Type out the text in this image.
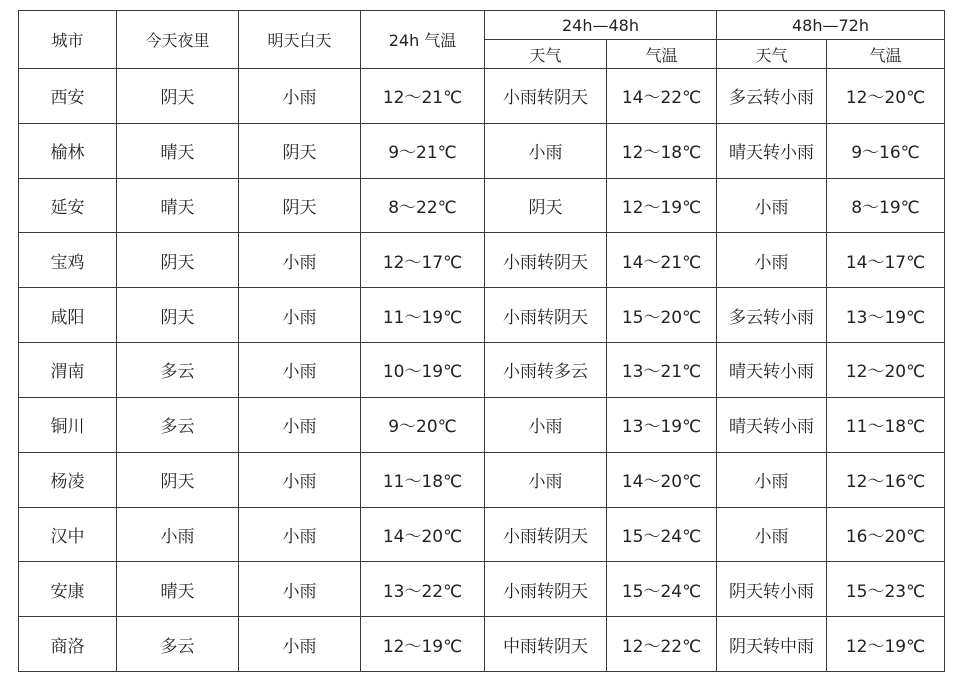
城市	今天夜里	明天白天	24h 气温	24h—48h		48h—72h	
				天气	气温	天气	气温
西安	阴天	小雨	12～21℃	小雨转阴天	14～22℃	多云转小雨	12～20℃
榆林	晴天	阴天	9～21℃	小雨	12～18℃	晴天转小雨	9～16℃
延安	晴天	阴天	8～22℃	阴天	12～19℃	小雨	8～19℃
宝鸡	阴天	小雨	12～17℃	小雨转阴天	14～21℃	小雨	14～17℃
咸阳	阴天	小雨	11～19℃	小雨转阴天	15～20℃	多云转小雨	13～19℃
渭南	多云	小雨	10～19℃	小雨转多云	13～21℃	晴天转小雨	12～20℃
铜川	多云	小雨	9～20℃	小雨	13～19℃	晴天转小雨	11～18℃
杨凌	阴天	小雨	11～18℃	小雨	14～20℃	小雨	12～16℃
汉中	小雨	小雨	14～20℃	小雨转阴天	15～24℃	小雨	16～20℃
安康	晴天	小雨	13～22℃	小雨转阴天	15～24℃	阴天转小雨	15～23℃
商洛	多云	小雨	12～19℃	中雨转阴天	12～22℃	阴天转中雨	12～19℃
